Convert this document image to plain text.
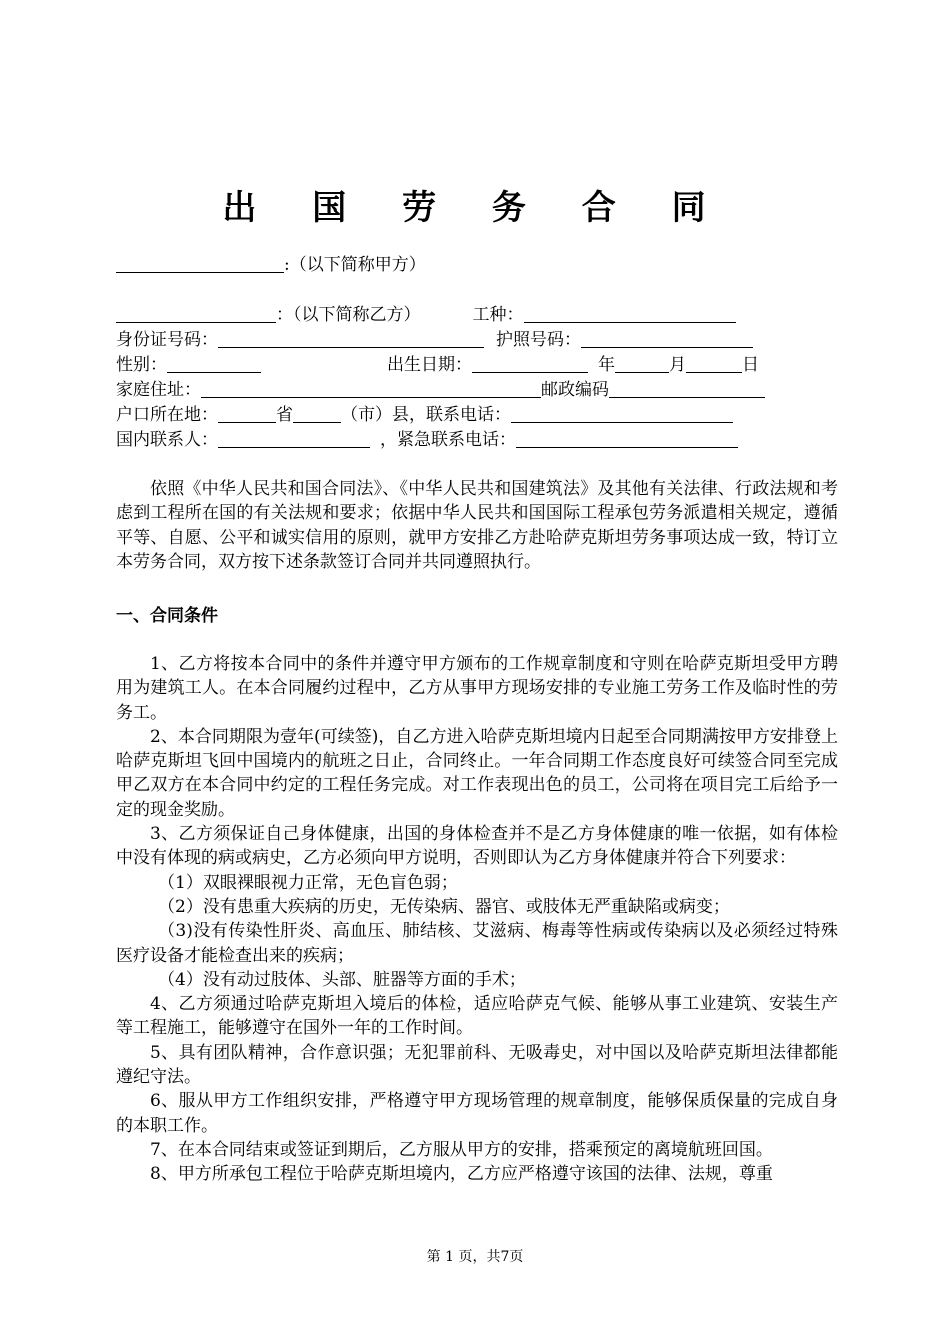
出 国 劳 务 合 同
:（以下简称甲方）
：（以下简称乙方）	工种：
身份证号码：	护照号码：
性别：	出生日期：	年	月	日
家庭住址：	邮政编码
户口所在地：	省	（市）县，联系电话：
国内联系人：	，紧急联系电话：

依照《中华人民共和国合同法》、《中华人民共和国建筑法》及其他有关法律、行政法规和考虑到工程所在国的有关法规和要求；依据中华人民共和国国际工程承包劳务派遣相关规定，遵循平等、自愿、公平和诚实信用的原则，就甲方安排乙方赴哈萨克斯坦劳务事项达成一致，特订立本劳务合同，双方按下述条款签订合同并共同遵照执行。

一、合同条件

1、乙方将按本合同中的条件并遵守甲方颁布的工作规章制度和守则在哈萨克斯坦受甲方聘用为建筑工人。在本合同履约过程中，乙方从事甲方现场安排的专业施工劳务工作及临时性的劳务工。

2、本合同期限为壹年(可续签)，自乙方进入哈萨克斯坦境内日起至合同期满按甲方安排登上哈萨克斯坦飞回中国境内的航班之日止，合同终止。一年合同期工作态度良好可续签合同至完成甲乙双方在本合同中约定的工程任务完成。对工作表现出色的员工，公司将在项目完工后给予一定的现金奖励。

3、乙方须保证自己身体健康，出国的身体检查并不是乙方身体健康的唯一依据，如有体检中没有体现的病或病史，乙方必须向甲方说明，否则即认为乙方身体健康并符合下列要求：

（1）双眼裸眼视力正常，无色盲色弱；

（2）没有患重大疾病的历史，无传染病、器官、或肢体无严重缺陷或病变；

（3)没有传染性肝炎、高血压、肺结核、艾滋病、梅毒等性病或传染病以及必须经过特殊医疗设备才能检查出来的疾病；

（4）没有动过肢体、头部、脏器等方面的手术；

4、乙方须通过哈萨克斯坦入境后的体检，适应哈萨克气候、能够从事工业建筑、安装生产等工程施工，能够遵守在国外一年的工作时间。

5、具有团队精神，合作意识强；无犯罪前科、无吸毒史，对中国以及哈萨克斯坦法律都能遵纪守法。

6、服从甲方工作组织安排，严格遵守甲方现场管理的规章制度，能够保质保量的完成自身的本职工作。

7、在本合同结束或签证到期后，乙方服从甲方的安排，搭乘预定的离境航班回国。

8、甲方所承包工程位于哈萨克斯坦境内，乙方应严格遵守该国的法律、法规，尊重

第 1 页，共7页
